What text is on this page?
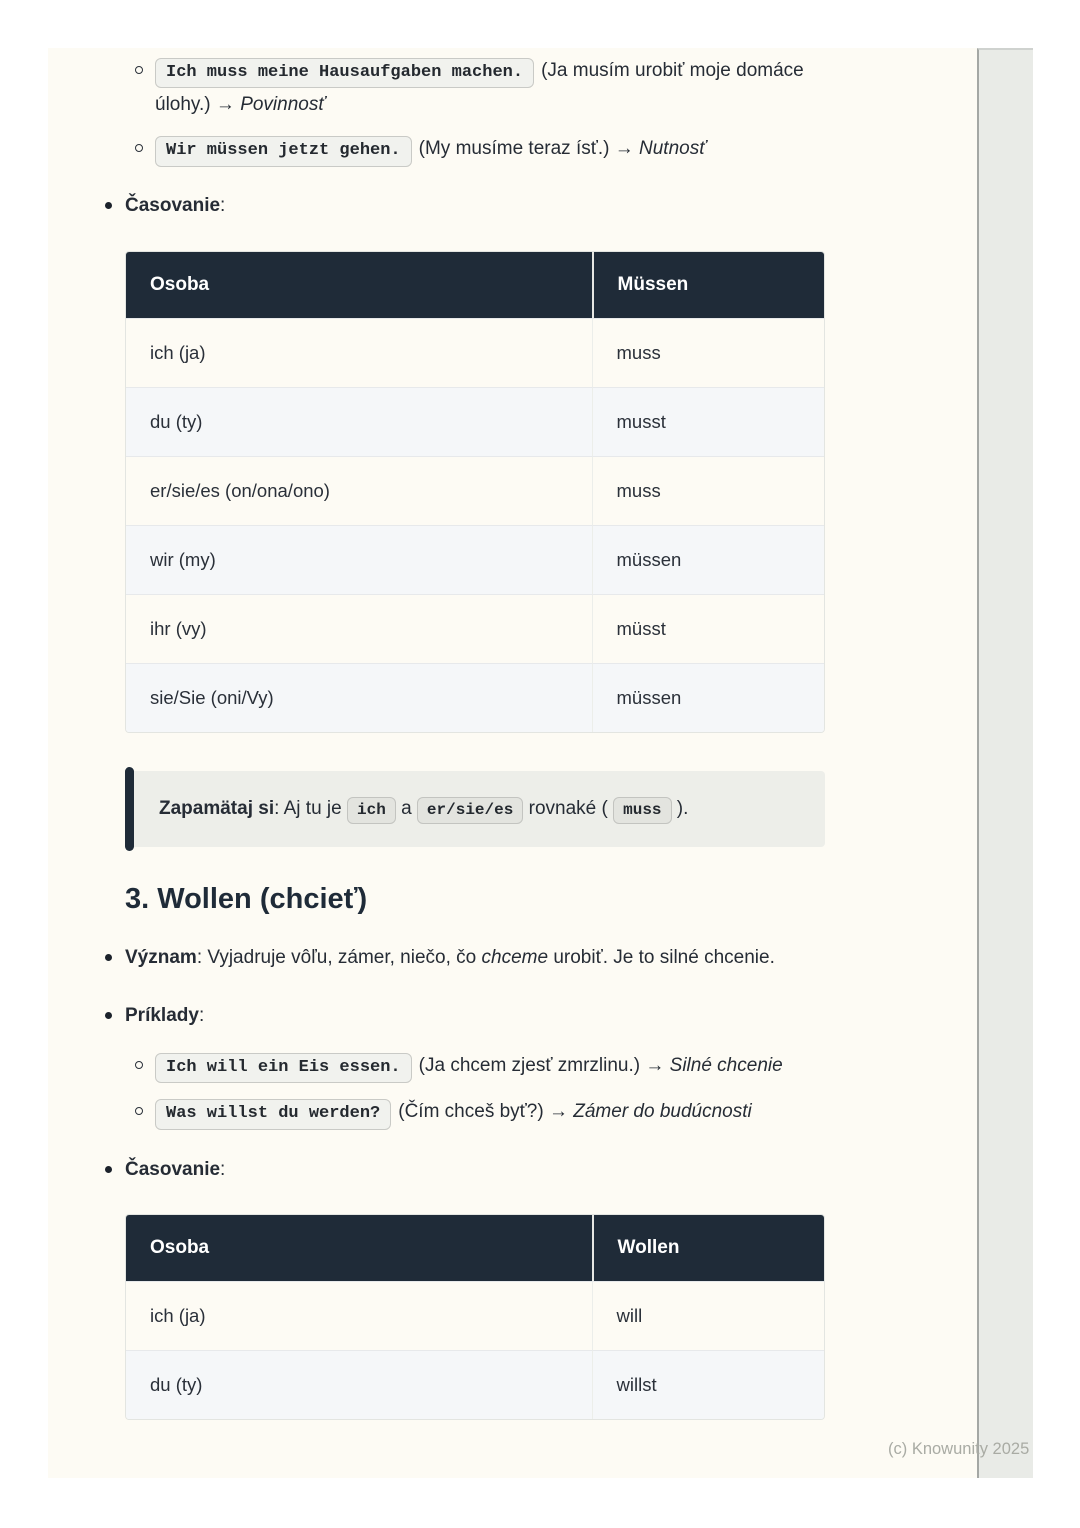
Ich muss meine Hausaufgaben machen. (Ja musím urobiť moje domáce úlohy.) → Povinnosť
Wir müssen jetzt gehen. (My musíme teraz ísť.) → Nutnosť
Časovanie:
Osoba	Müssen
ich (ja)	muss
du (ty)	musst
er/sie/es (on/ona/ono)	muss
wir (my)	müssen
ihr (vy)	müsst
sie/Sie (oni/Vy)	müssen
Zapamätaj si: Aj tu je ich a er/sie/es rovnaké ( muss ).
3. Wollen (chcieť)
Význam: Vyjadruje vôľu, zámer, niečo, čo chceme urobiť. Je to silné chcenie.
Príklady:
Ich will ein Eis essen. (Ja chcem zjesť zmrzlinu.) → Silné chcenie
Was willst du werden? (Čím chceš byť?) → Zámer do budúcnosti
Časovanie:
Osoba	Wollen
ich (ja)	will
du (ty)	willst
(c) Knowunity 2025
